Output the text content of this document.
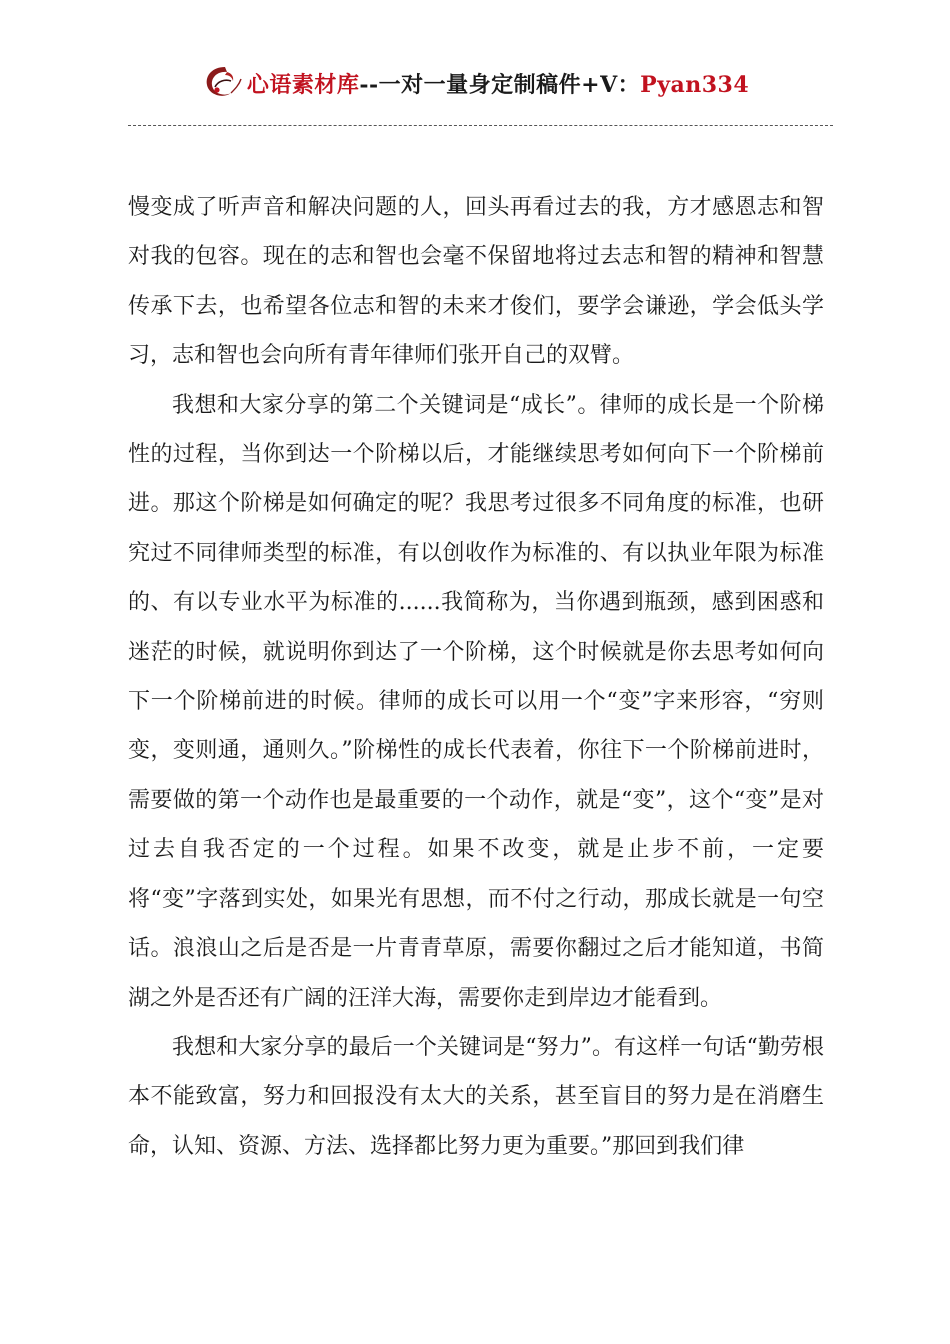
心语素材库--一对一量身定制稿件+V：Pyan334

慢变成了听声音和解决问题的人，回头再看过去的我，方才感恩志和智对我的包容。现在的志和智也会毫不保留地将过去志和智的精神和智慧传承下去，也希望各位志和智的未来才俊们，要学会谦逊，学会低头学习，志和智也会向所有青年律师们张开自己的双臂。

我想和大家分享的第二个关键词是“成长”。律师的成长是一个阶梯性的过程，当你到达一个阶梯以后，才能继续思考如何向下一个阶梯前进。那这个阶梯是如何确定的呢？我思考过很多不同角度的标准，也研究过不同律师类型的标准，有以创收作为标准的、有以执业年限为标准的、有以专业水平为标准的......我简称为，当你遇到瓶颈，感到困惑和迷茫的时候，就说明你到达了一个阶梯，这个时候就是你去思考如何向下一个阶梯前进的时候。律师的成长可以用一个“变”字来形容，“穷则变，变则通，通则久。”阶梯性的成长代表着，你往下一个阶梯前进时，需要做的第一个动作也是最重要的一个动作，就是“变”，这个“变”是对过去自我否定的一个过程。如果不改变，就是止步不前，一定要将“变”字落到实处，如果光有思想，而不付之行动，那成长就是一句空话。浪浪山之后是否是一片青青草原，需要你翻过之后才能知道，书简湖之外是否还有广阔的汪洋大海，需要你走到岸边才能看到。

我想和大家分享的最后一个关键词是“努力”。有这样一句话“勤劳根本不能致富，努力和回报没有太大的关系，甚至盲目的努力是在消磨生命，认知、资源、方法、选择都比努力更为重要。”那回到我们律
